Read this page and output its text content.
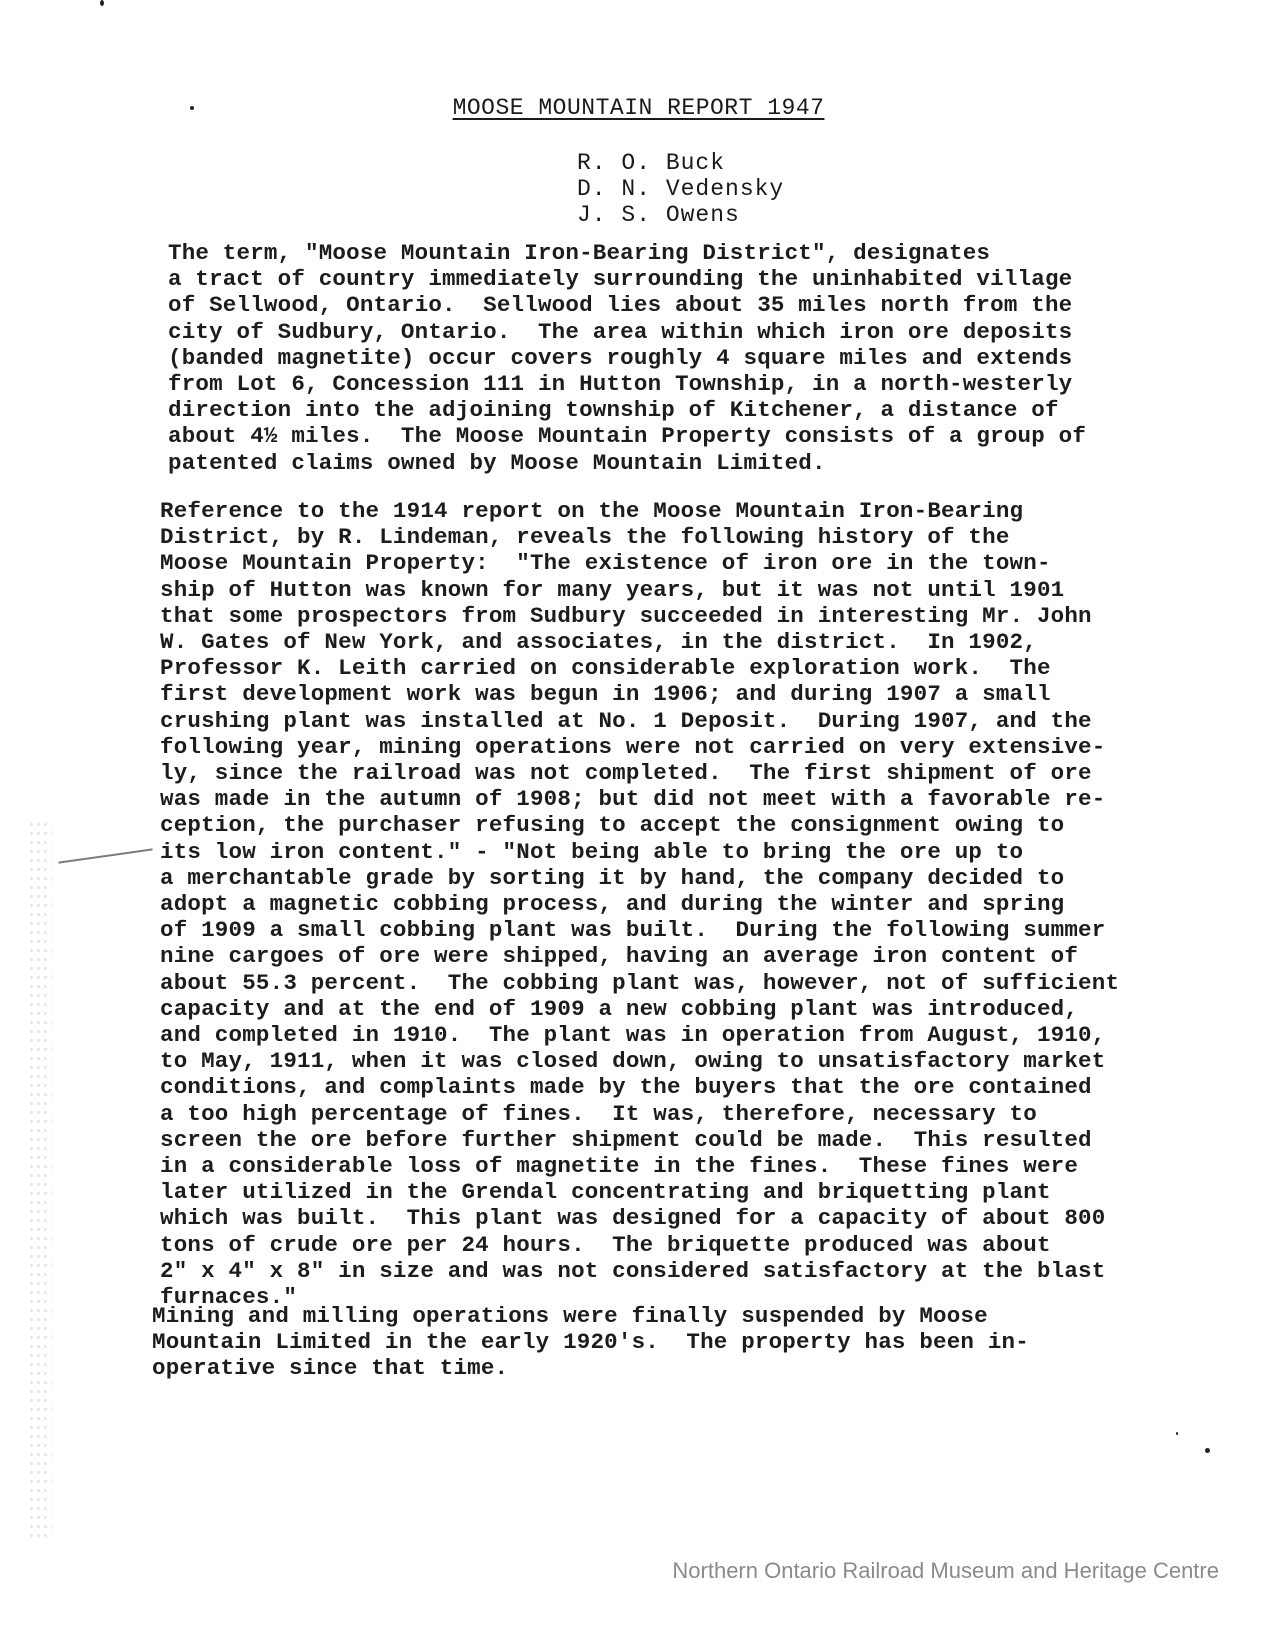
MOOSE MOUNTAIN REPORT 1947
R. O. Buck
D. N. Vedensky
J. S. Owens
The term, "Moose Mountain Iron-Bearing District", designates
a tract of country immediately surrounding the uninhabited village
of Sellwood, Ontario.  Sellwood lies about 35 miles north from the
city of Sudbury, Ontario.  The area within which iron ore deposits
(banded magnetite) occur covers roughly 4 square miles and extends
from Lot 6, Concession 111 in Hutton Township, in a north-westerly
direction into the adjoining township of Kitchener, a distance of
about 4½ miles.  The Moose Mountain Property consists of a group of
patented claims owned by Moose Mountain Limited.
Reference to the 1914 report on the Moose Mountain Iron-Bearing
District, by R. Lindeman, reveals the following history of the
Moose Mountain Property:  "The existence of iron ore in the town-
ship of Hutton was known for many years, but it was not until 1901
that some prospectors from Sudbury succeeded in interesting Mr. John
W. Gates of New York, and associates, in the district.  In 1902,
Professor K. Leith carried on considerable exploration work.  The
first development work was begun in 1906; and during 1907 a small
crushing plant was installed at No. 1 Deposit.  During 1907, and the
following year, mining operations were not carried on very extensive-
ly, since the railroad was not completed.  The first shipment of ore
was made in the autumn of 1908; but did not meet with a favorable re-
ception, the purchaser refusing to accept the consignment owing to
its low iron content." - "Not being able to bring the ore up to
a merchantable grade by sorting it by hand, the company decided to
adopt a magnetic cobbing process, and during the winter and spring
of 1909 a small cobbing plant was built.  During the following summer
nine cargoes of ore were shipped, having an average iron content of
about 55.3 percent.  The cobbing plant was, however, not of sufficient
capacity and at the end of 1909 a new cobbing plant was introduced,
and completed in 1910.  The plant was in operation from August, 1910,
to May, 1911, when it was closed down, owing to unsatisfactory market
conditions, and complaints made by the buyers that the ore contained
a too high percentage of fines.  It was, therefore, necessary to
screen the ore before further shipment could be made.  This resulted
in a considerable loss of magnetite in the fines.  These fines were
later utilized in the Grendal concentrating and briquetting plant
which was built.  This plant was designed for a capacity of about 800
tons of crude ore per 24 hours.  The briquette produced was about
2" x 4" x 8" in size and was not considered satisfactory at the blast
furnaces."
Mining and milling operations were finally suspended by Moose
Mountain Limited in the early 1920's.  The property has been in-
operative since that time.
Northern Ontario Railroad Museum and Heritage Centre
